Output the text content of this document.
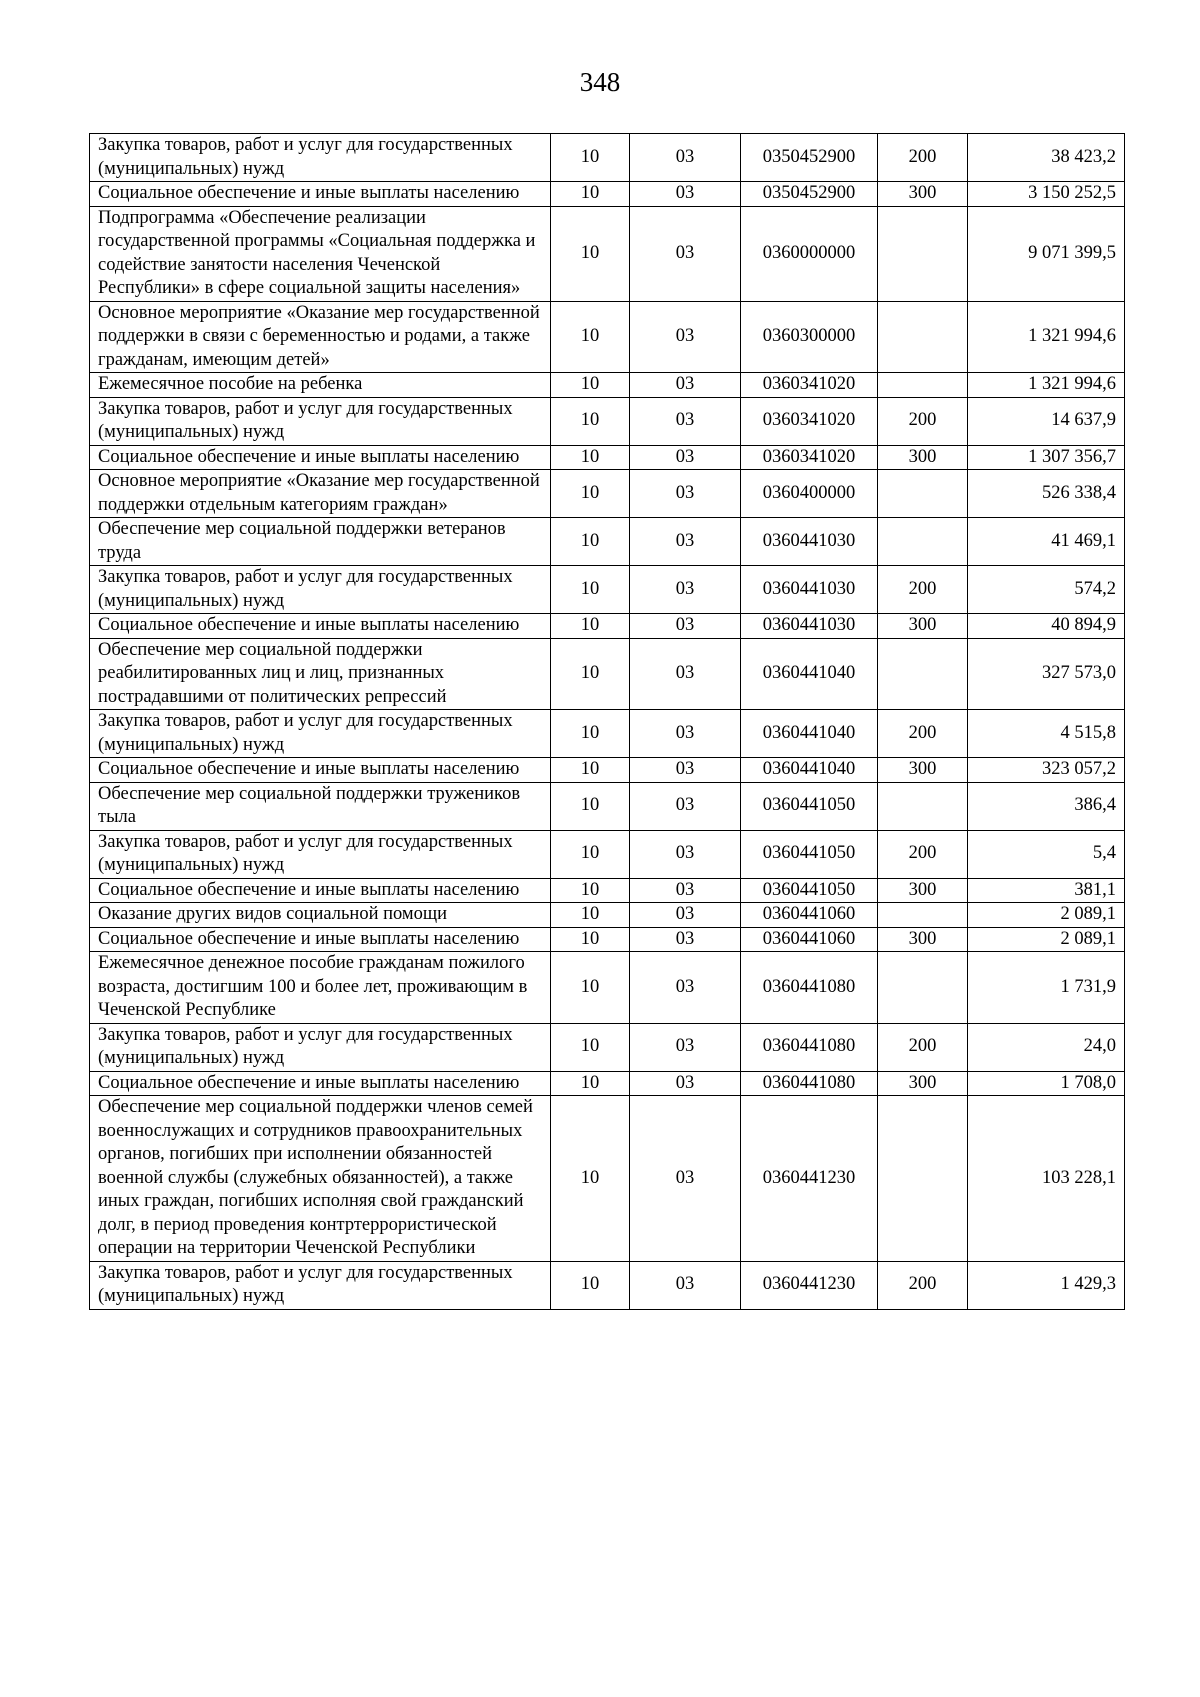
348
Закупка товаров, работ и услуг для государственных (муниципальных) нужд	10	03	0350452900	200	38 423,2
Социальное обеспечение и иные выплаты населению	10	03	0350452900	300	3 150 252,5
Подпрограмма «Обеспечение реализации государственной программы «Социальная поддержка и содействие занятости населения Чеченской Республики» в сфере социальной защиты населения»	10	03	0360000000		9 071 399,5
Основное мероприятие «Оказание мер государственной поддержки в связи с беременностью и родами, а также гражданам, имеющим детей»	10	03	0360300000		1 321 994,6
Ежемесячное пособие на ребенка	10	03	0360341020		1 321 994,6
Закупка товаров, работ и услуг для государственных (муниципальных) нужд	10	03	0360341020	200	14 637,9
Социальное обеспечение и иные выплаты населению	10	03	0360341020	300	1 307 356,7
Основное мероприятие «Оказание мер государственной поддержки отдельным категориям граждан»	10	03	0360400000		526 338,4
Обеспечение мер социальной поддержки ветеранов труда	10	03	0360441030		41 469,1
Закупка товаров, работ и услуг для государственных (муниципальных) нужд	10	03	0360441030	200	574,2
Социальное обеспечение и иные выплаты населению	10	03	0360441030	300	40 894,9
Обеспечение мер социальной поддержки реабилитированных лиц и лиц, признанных пострадавшими от политических репрессий	10	03	0360441040		327 573,0
Закупка товаров, работ и услуг для государственных (муниципальных) нужд	10	03	0360441040	200	4 515,8
Социальное обеспечение и иные выплаты населению	10	03	0360441040	300	323 057,2
Обеспечение мер социальной поддержки тружеников тыла	10	03	0360441050		386,4
Закупка товаров, работ и услуг для государственных (муниципальных) нужд	10	03	0360441050	200	5,4
Социальное обеспечение и иные выплаты населению	10	03	0360441050	300	381,1
Оказание других видов социальной помощи	10	03	0360441060		2 089,1
Социальное обеспечение и иные выплаты населению	10	03	0360441060	300	2 089,1
Ежемесячное денежное пособие гражданам пожилого возраста, достигшим 100 и более лет, проживающим в Чеченской Республике	10	03	0360441080		1 731,9
Закупка товаров, работ и услуг для государственных (муниципальных) нужд	10	03	0360441080	200	24,0
Социальное обеспечение и иные выплаты населению	10	03	0360441080	300	1 708,0
Обеспечение мер социальной поддержки членов семей военнослужащих и сотрудников правоохранительных органов, погибших при исполнении обязанностей военной службы (служебных обязанностей), а также иных граждан, погибших исполняя свой гражданский долг, в период проведения контртеррористической операции на территории Чеченской Республики	10	03	0360441230		103 228,1
Закупка товаров, работ и услуг для государственных (муниципальных) нужд	10	03	0360441230	200	1 429,3
